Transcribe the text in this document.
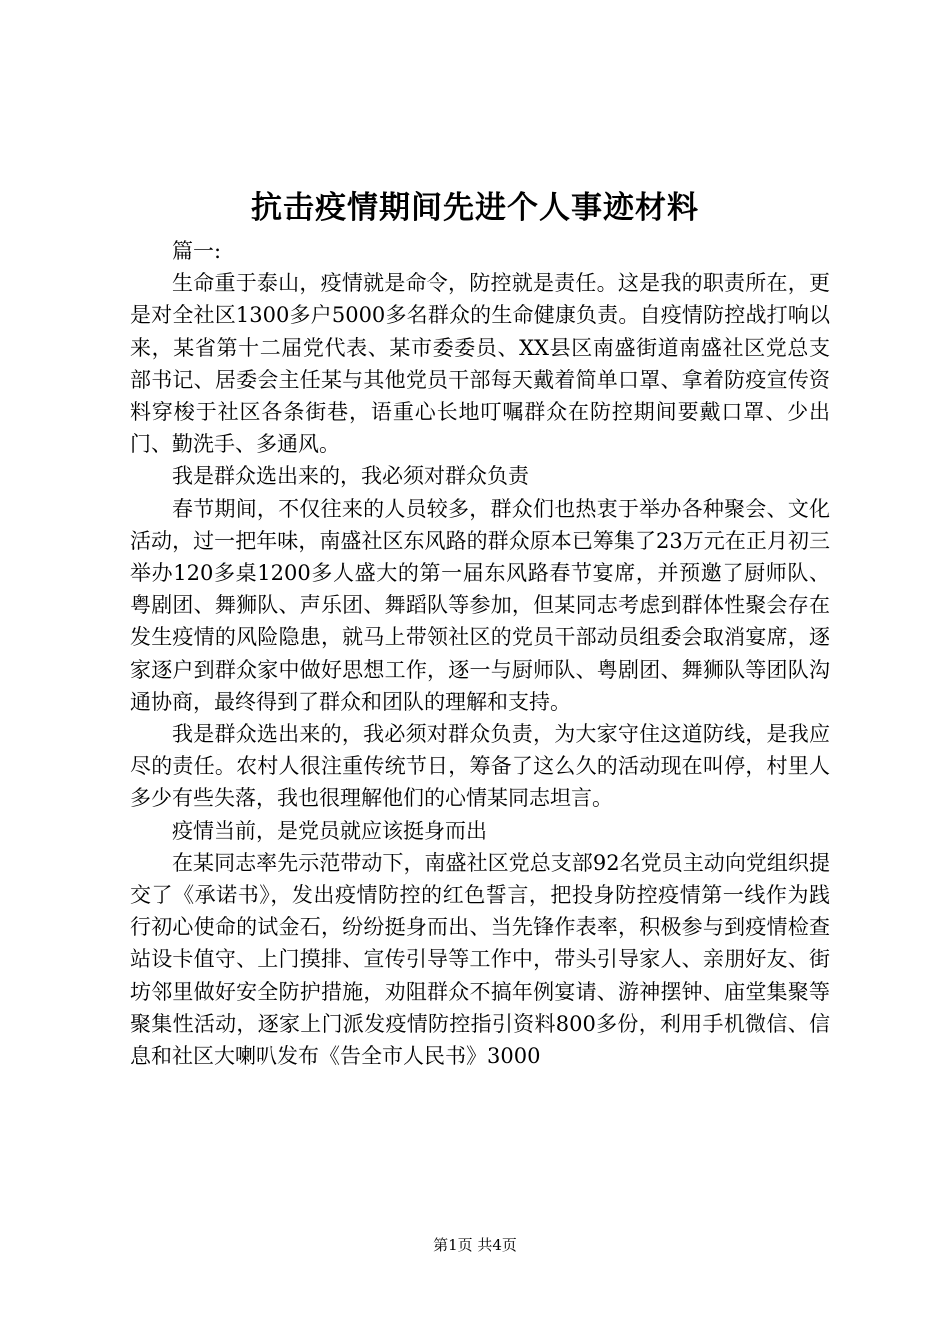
抗击疫情期间先进个人事迹材料

篇一:

生命重于泰山，疫情就是命令，防控就是责任。这是我的职责所在，更是对全社区1300多户5000多名群众的生命健康负责。自疫情防控战打响以来，某省第十二届党代表、某市委委员、XX县区南盛街道南盛社区党总支部书记、居委会主任某与其他党员干部每天戴着简单口罩、拿着防疫宣传资料穿梭于社区各条街巷，语重心长地叮嘱群众在防控期间要戴口罩、少出门、勤洗手、多通风。

我是群众选出来的，我必须对群众负责

春节期间，不仅往来的人员较多，群众们也热衷于举办各种聚会、文化活动，过一把年味，南盛社区东风路的群众原本已筹集了23万元在正月初三举办120多桌1200多人盛大的第一届东风路春节宴席，并预邀了厨师队、粤剧团、舞狮队、声乐团、舞蹈队等参加，但某同志考虑到群体性聚会存在发生疫情的风险隐患，就马上带领社区的党员干部动员组委会取消宴席，逐家逐户到群众家中做好思想工作，逐一与厨师队、粤剧团、舞狮队等团队沟通协商，最终得到了群众和团队的理解和支持。

我是群众选出来的，我必须对群众负责，为大家守住这道防线，是我应尽的责任。农村人很注重传统节日，筹备了这么久的活动现在叫停，村里人多少有些失落，我也很理解他们的心情某同志坦言。

疫情当前，是党员就应该挺身而出

在某同志率先示范带动下，南盛社区党总支部92名党员主动向党组织提交了《承诺书》，发出疫情防控的红色誓言，把投身防控疫情第一线作为践行初心使命的试金石，纷纷挺身而出、当先锋作表率，积极参与到疫情检查站设卡值守、上门摸排、宣传引导等工作中，带头引导家人、亲朋好友、街坊邻里做好安全防护措施，劝阻群众不搞年例宴请、游神摆钟、庙堂集聚等聚集性活动，逐家上门派发疫情防控指引资料800多份，利用手机微信、信息和社区大喇叭发布《告全市人民书》3000

第1页 共4页
